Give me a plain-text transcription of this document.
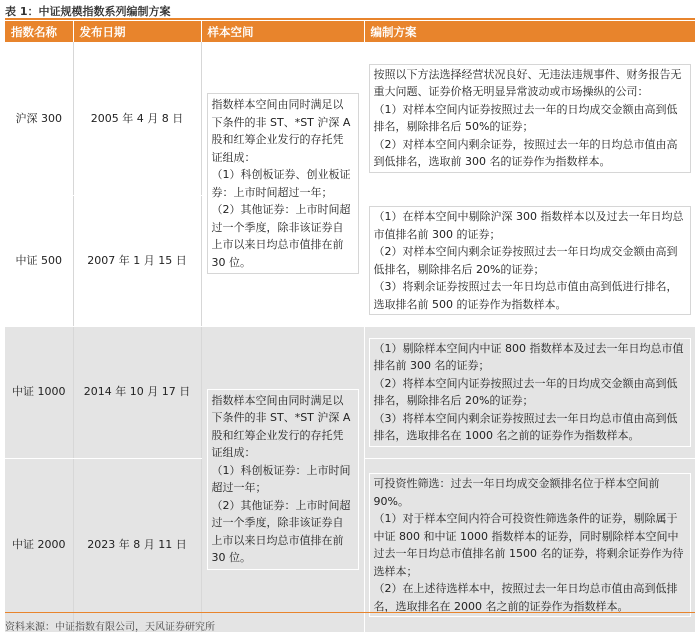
表 1：中证规模指数系列编制方案
指数名称	发布日期	样本空间	编制方案
沪深 300	2005 年 4 月 8 日	指数样本空间由同时满足以下条件的非 ST、*ST 沪深 A 股和红筹企业发行的存托凭证组成：
（1）科创板证券、创业板证券：上市时间超过一年；
（2）其他证券：上市时间超过一个季度，除非该证券自上市以来日均总市值排在前 30 位。	按照以下方法选择经营状况良好、无违法违规事件、财务报告无重大问题、证券价格无明显异常波动或市场操纵的公司：
（1）对样本空间内证券按照过去一年的日均成交金额由高到低排名，剔除排名后 50%的证券；
（2）对样本空间内剩余证券，按照过去一年的日均总市值由高到低排名，选取前 300 名的证券作为指数样本。

中证 500	2007 年 1 月 15 日		（1）在样本空间中剔除沪深 300 指数样本以及过去一年日均总市值排名前 300 的证券；
（2）对样本空间内剩余证券按照过去一年日均成交金额由高到低排名，剔除排名后 20%的证券；
（3）将剩余证券按照过去一年日均总市值由高到低进行排名，选取排名前 500 的证券作为指数样本。

中证 1000	2014 年 10 月 17 日	指数样本空间由同时满足以下条件的非 ST、*ST 沪深 A 股和红筹企业发行的存托凭证组成：
（1）科创板证券：上市时间超过一年；
（2）其他证券：上市时间超过一个季度，除非该证券自上市以来日均总市值排在前 30 位。	（1）剔除样本空间内中证 800 指数样本及过去一年日均总市值排名前 300 名的证券；
（2）将样本空间内证券按照过去一年的日均成交金额由高到低排名，剔除排名后 20%的证券；
（3）将样本空间内剩余证券按照过去一年日均总市值由高到低排名，选取排名在 1000 名之前的证券作为指数样本。

中证 2000	2023 年 8 月 11 日		可投资性筛选：过去一年日均成交金额排名位于样本空间前 90%。
（1）对于样本空间内符合可投资性筛选条件的证券，剔除属于中证 800 和中证 1000 指数样本的证券，同时剔除样本空间中过去一年日均总市值排名前 1500 名的证券，将剩余证券作为待选样本；
（2）在上述待选样本中，按照过去一年日均总市值由高到低排名，选取排名在 2000 名之前的证券作为指数样本。
资料来源：中证指数有限公司，天风证券研究所
